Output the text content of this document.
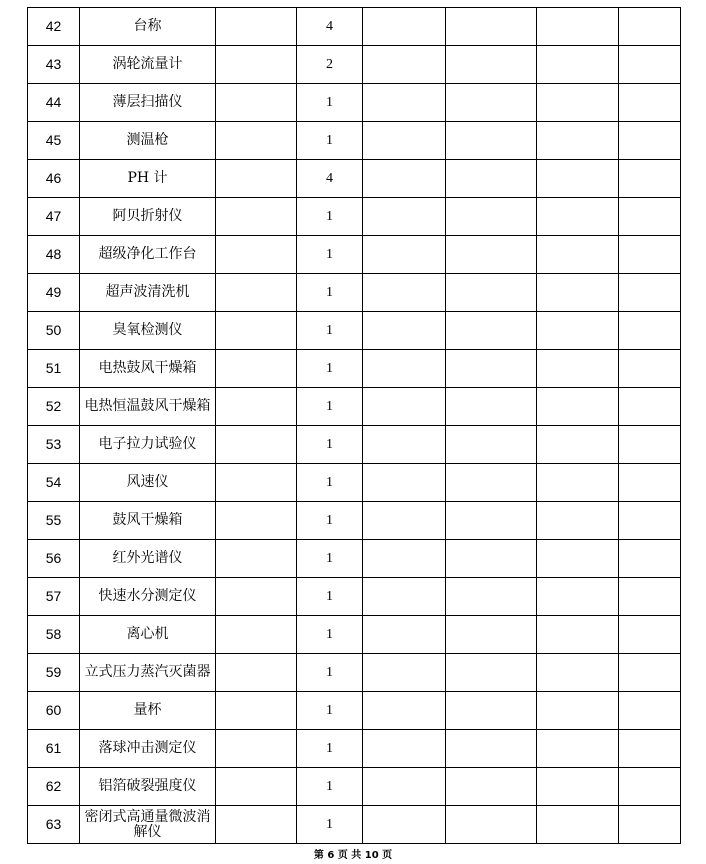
42	台称		4				
43	涡轮流量计		2				
44	薄层扫描仪		1				
45	测温枪		1				
46	PH 计		4				
47	阿贝折射仪		1				
48	超级净化工作台		1				
49	超声波清洗机		1				
50	臭氧检测仪		1				
51	电热鼓风干燥箱		1				
52	电热恒温鼓风干燥箱		1				
53	电子拉力试验仪		1				
54	风速仪		1				
55	鼓风干燥箱		1				
56	红外光谱仪		1				
57	快速水分测定仪		1				
58	离心机		1				
59	立式压力蒸汽灭菌器		1				
60	量杯		1				
61	落球冲击测定仪		1				
62	铝箔破裂强度仪		1				
63	密闭式高通量微波消解仪		1				
第 6 页 共 10 页
